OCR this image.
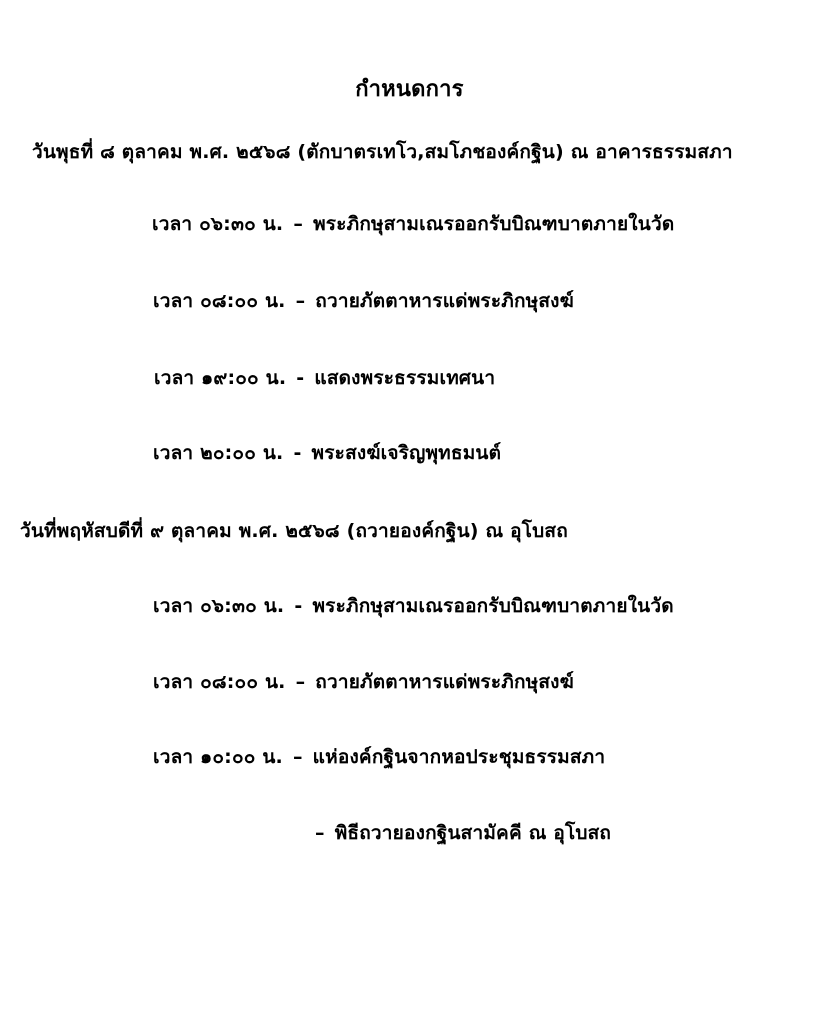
กำหนดการ
วันพุธที่ ๘ ตุลาคม พ.ศ. ๒๕๖๘ (ตักบาตรเทโว,สมโภชองค์กฐิน) ณ อาคารธรรมสภา
เวลา ๐๖:๓๐ น. – พระภิกษุสามเณรออกรับบิณฑบาตภายในวัด
เวลา ๐๘:๐๐ น. – ถวายภัตตาหารแด่พระภิกษุสงฆ์
เวลา ๑๙:๐๐ น. - แสดงพระธรรมเทศนา
เวลา ๒๐:๐๐ น. - พระสงฆ์เจริญพุทธมนต์
วันที่พฤหัสบดีที่ ๙ ตุลาคม พ.ศ. ๒๕๖๘ (ถวายองค์กฐิน) ณ อุโบสถ
เวลา ๐๖:๓๐ น. - พระภิกษุสามเณรออกรับบิณฑบาตภายในวัด
เวลา ๐๘:๐๐ น. – ถวายภัตตาหารแด่พระภิกษุสงฆ์
เวลา ๑๐:๐๐ น. – แห่องค์กฐินจากหอประชุมธรรมสภา
– พิธีถวายองกฐินสามัคคี ณ อุโบสถ
